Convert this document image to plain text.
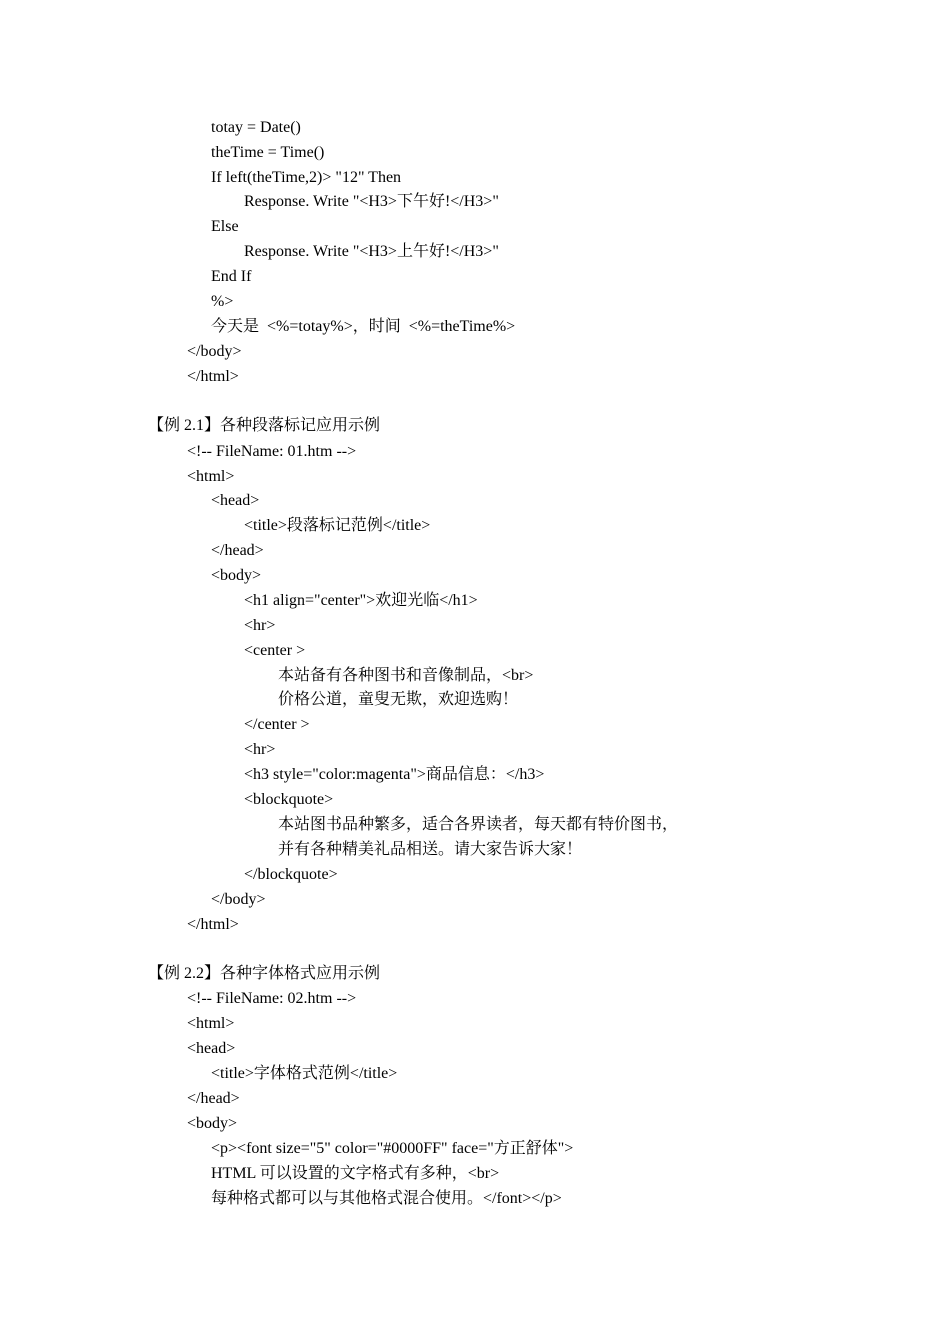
totay = Date()
theTime = Time()
If left(theTime,2)> "12" Then
Response. Write "<H3>下午好!</H3>"
Else
Response. Write "<H3>上午好!</H3>"
End If
%>
今天是  <%=totay%>，时间  <%=theTime%>
</body>
</html>
【例 2.1】各种段落标记应用示例
<!-- FileName: 01.htm -->
<html>
<head>
<title>段落标记范例</title>
</head>
<body>
<h1 align="center">欢迎光临</h1>
<hr>
<center >
本站备有各种图书和音像制品，<br>
价格公道，童叟无欺，欢迎选购！
</center >
<hr>
<h3 style="color:magenta">商品信息：</h3>
<blockquote>
本站图书品种繁多，适合各界读者，每天都有特价图书，
并有各种精美礼品相送。请大家告诉大家！
</blockquote>
</body>
</html>
【例 2.2】各种字体格式应用示例
<!-- FileName: 02.htm -->
<html>
<head>
<title>字体格式范例</title>
</head>
<body>
<p><font size="5" color="#0000FF" face="方正舒体">
HTML 可以设置的文字格式有多种，<br>
每种格式都可以与其他格式混合使用。</font></p>
